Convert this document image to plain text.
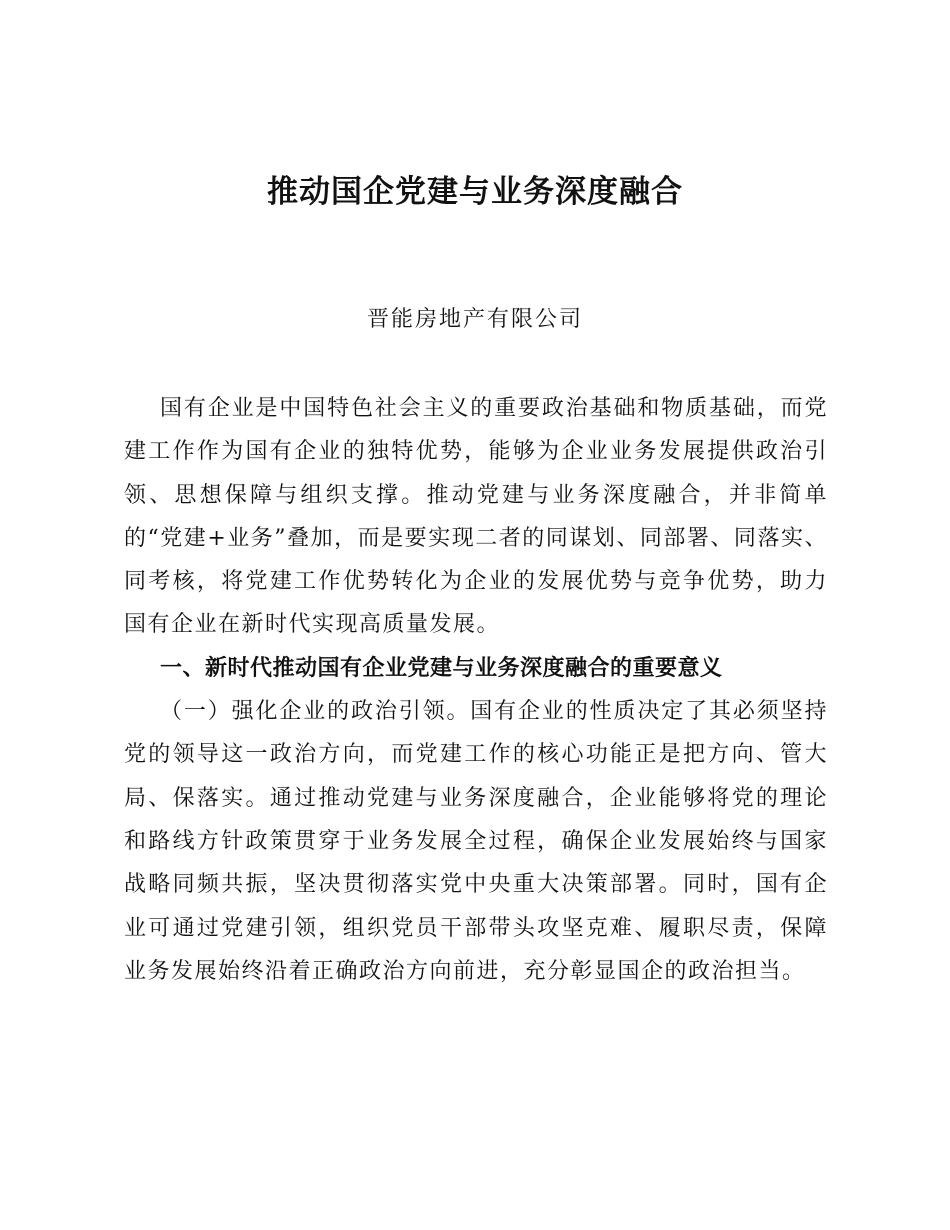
推动国企党建与业务深度融合
晋能房地产有限公司

国有企业是中国特色社会主义的重要政治基础和物质基础，而党建工作作为国有企业的独特优势，能够为企业业务发展提供政治引领、思想保障与组织支撑。推动党建与业务深度融合，并非简单的“党建+业务”叠加，而是要实现二者的同谋划、同部署、同落实、同考核，将党建工作优势转化为企业的发展优势与竞争优势，助力国有企业在新时代实现高质量发展。

一、新时代推动国有企业党建与业务深度融合的重要意义

（一）强化企业的政治引领。国有企业的性质决定了其必须坚持党的领导这一政治方向，而党建工作的核心功能正是把方向、管大局、保落实。通过推动党建与业务深度融合，企业能够将党的理论和路线方针政策贯穿于业务发展全过程，确保企业发展始终与国家战略同频共振，坚决贯彻落实党中央重大决策部署。同时，国有企业可通过党建引领，组织党员干部带头攻坚克难、履职尽责，保障业务发展始终沿着正确政治方向前进，充分彰显国企的政治担当。
